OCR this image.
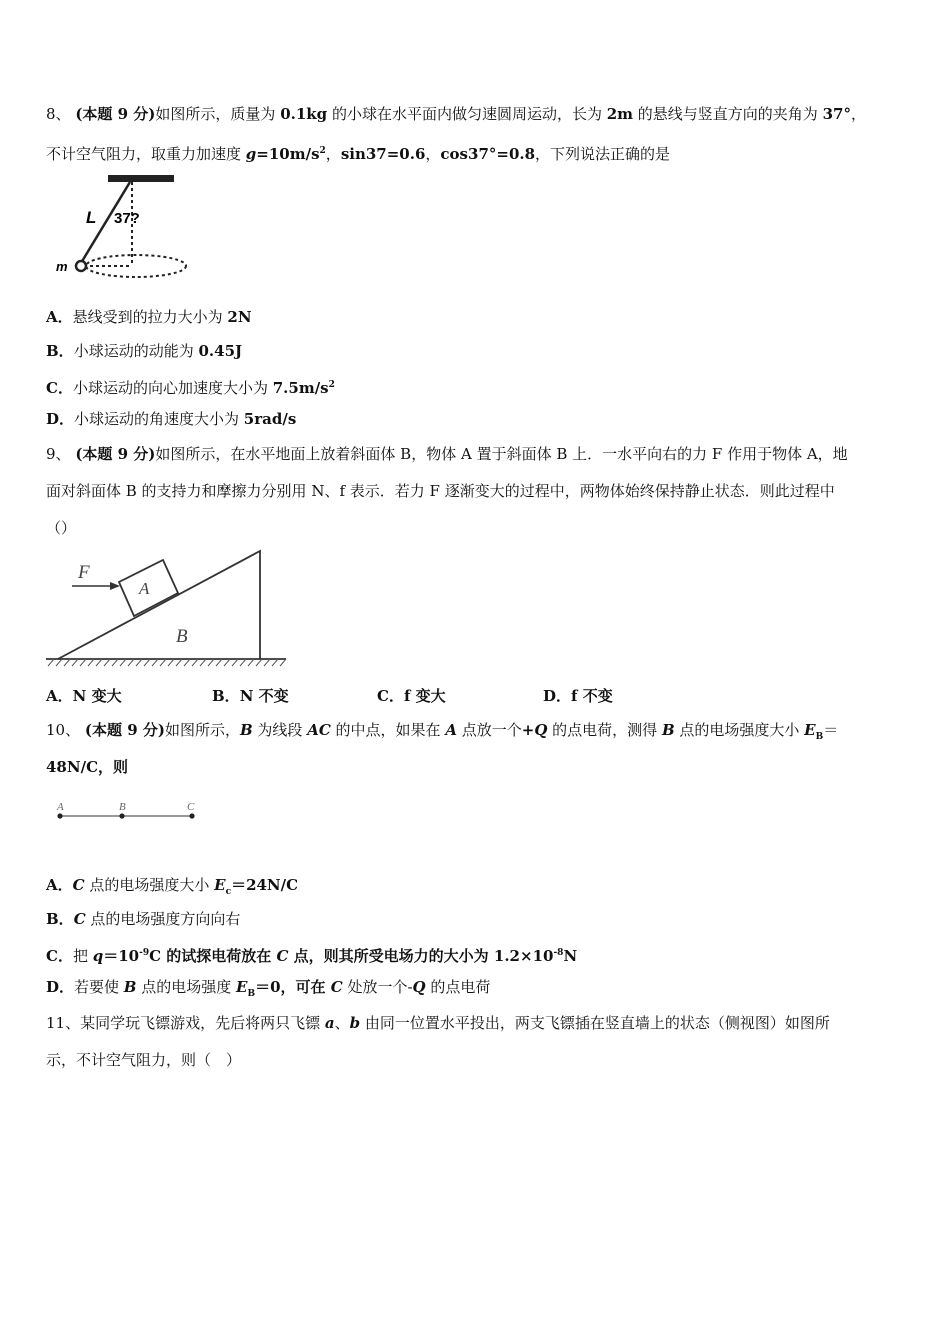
8、 (本题 9 分)如图所示，质量为 0.1kg 的小球在水平面内做匀速圆周运动，长为 2m 的悬线与竖直方向的夹角为 37°，
不计空气阻力，取重力加速度 $g=10m/s^2$，sin37=0.6，cos37°=0.8，下列说法正确的是
L 37?
m
A．悬线受到的拉力大小为 2N
B．小球运动的动能为 0.45J
C．小球运动的向心加速度大小为 $7.5m/s^2$
D．小球运动的角速度大小为 5rad/s
9、 (本题 9 分)如图所示，在水平地面上放着斜面体 B，物体 A 置于斜面体 B 上．一水平向右的力 F 作用于物体 A，地
面对斜面体 B 的支持力和摩擦力分别用 N、f 表示．若力 F 逐渐变大的过程中，两物体始终保持静止状态．则此过程中
（）
F
A
B
A．N 变大	B．N 不变	C．f 变大	D．f 不变
10、 (本题 9 分)如图所示，B 为线段 AC 的中点，如果在 A 点放一个+Q 的点电荷，测得 B 点的电场强度大小 $E_B=$
48N/C，则
A	B	C
A．C 点的电场强度大小 $E_c=24N/C$
B．C 点的电场强度方向向右
C．把 $q=10^{-9}C$ 的试探电荷放在 C 点，则其所受电场力的大小为 $1.2\times 10^{-8}N$
D．若要使 B 点的电场强度 $E_B=0$，可在 C 处放一个-Q 的点电荷
11、某同学玩飞镖游戏，先后将两只飞镖 a、b 由同一位置水平投出，两支飞镖插在竖直墙上的状态（侧视图）如图所
示，不计空气阻力，则（　）
